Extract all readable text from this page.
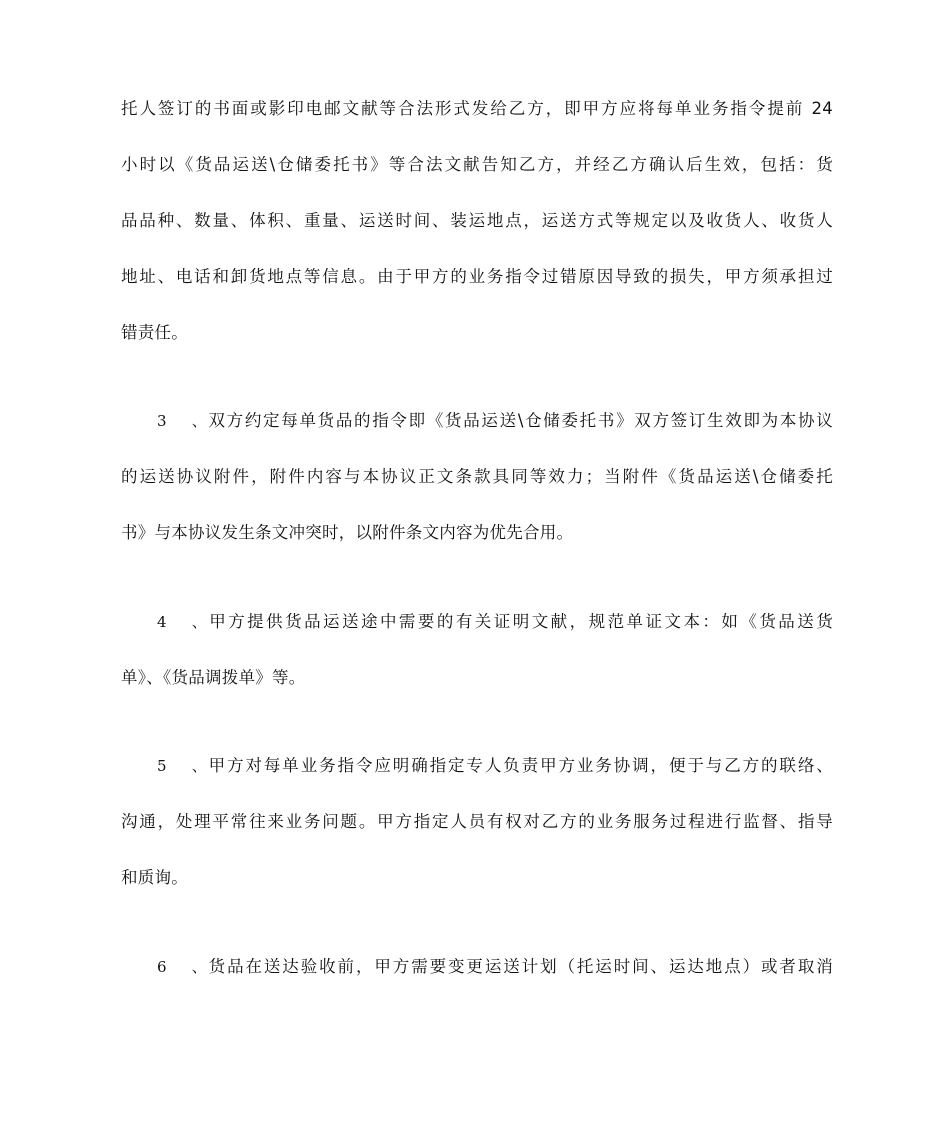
托人签订的书面或影印电邮文献等合法形式发给乙方，即甲方应将每单业务指令提前 24
小时以《货品运送\仓储委托书》等合法文献告知乙方，并经乙方确认后生效，包括：货
品品种、数量、体积、重量、运送时间、装运地点，运送方式等规定以及收货人、收货人
地址、电话和卸货地点等信息。由于甲方的业务指令过错原因导致的损失，甲方须承担过
错责任。
3、双方约定每单货品的指令即《货品运送\仓储委托书》双方签订生效即为本协议
的运送协议附件，附件内容与本协议正文条款具同等效力；当附件《货品运送\仓储委托
书》与本协议发生条文冲突时，以附件条文内容为优先合用。
4、甲方提供货品运送途中需要的有关证明文献，规范单证文本：如《货品送货
单》、《货品调拨单》等。
5、甲方对每单业务指令应明确指定专人负责甲方业务协调，便于与乙方的联络、
沟通，处理平常往来业务问题。甲方指定人员有权对乙方的业务服务过程进行监督、指导
和质询。
6、货品在送达验收前，甲方需要变更运送计划（托运时间、运达地点）或者取消
